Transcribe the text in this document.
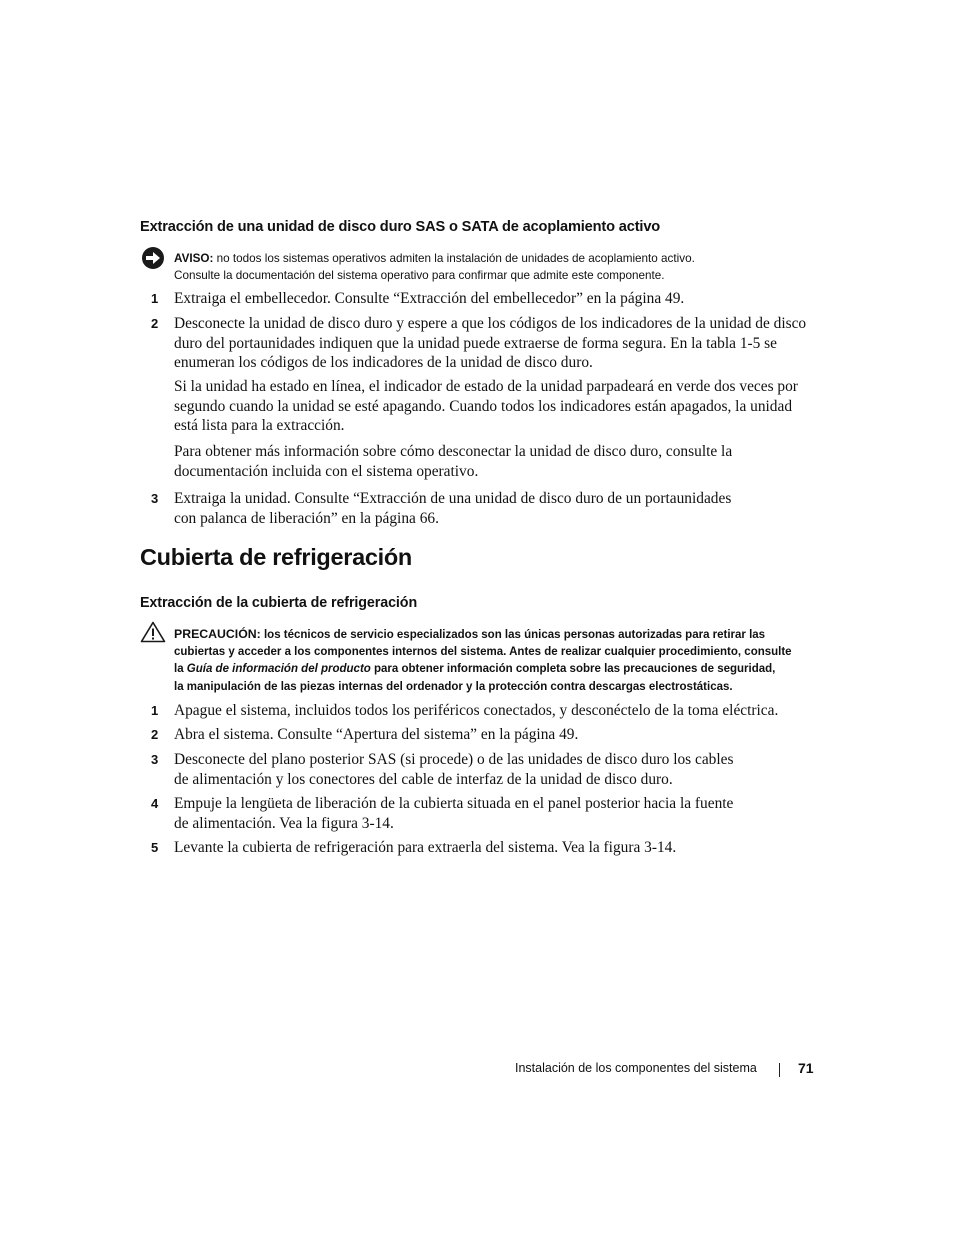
Extracción de una unidad de disco duro SAS o SATA de acoplamiento activo
AVISO: no todos los sistemas operativos admiten la instalación de unidades de acoplamiento activo.
Consulte la documentación del sistema operativo para confirmar que admite este componente.
1 Extraiga el embellecedor. Consulte “Extracción del embellecedor” en la página 49.
2 Desconecte la unidad de disco duro y espere a que los códigos de los indicadores de la unidad de disco
duro del portaunidades indiquen que la unidad puede extraerse de forma segura. En la tabla 1-5 se
enumeran los códigos de los indicadores de la unidad de disco duro.
Si la unidad ha estado en línea, el indicador de estado de la unidad parpadeará en verde dos veces por
segundo cuando la unidad se esté apagando. Cuando todos los indicadores están apagados, la unidad
está lista para la extracción.
Para obtener más información sobre cómo desconectar la unidad de disco duro, consulte la
documentación incluida con el sistema operativo.
3 Extraiga la unidad. Consulte “Extracción de una unidad de disco duro de un portaunidades
con palanca de liberación” en la página 66.
Cubierta de refrigeración
Extracción de la cubierta de refrigeración
PRECAUCIÓN: los técnicos de servicio especializados son las únicas personas autorizadas para retirar las
cubiertas y acceder a los componentes internos del sistema. Antes de realizar cualquier procedimiento, consulte
la Guía de información del producto para obtener información completa sobre las precauciones de seguridad,
la manipulación de las piezas internas del ordenador y la protección contra descargas electrostáticas.
1 Apague el sistema, incluidos todos los periféricos conectados, y desconéctelo de la toma eléctrica.
2 Abra el sistema. Consulte “Apertura del sistema” en la página 49.
3 Desconecte del plano posterior SAS (si procede) o de las unidades de disco duro los cables
de alimentación y los conectores del cable de interfaz de la unidad de disco duro.
4 Empuje la lengüeta de liberación de la cubierta situada en el panel posterior hacia la fuente
de alimentación. Vea la figura 3-14.
5 Levante la cubierta de refrigeración para extraerla del sistema. Vea la figura 3-14.
Instalación de los componentes del sistema	71
